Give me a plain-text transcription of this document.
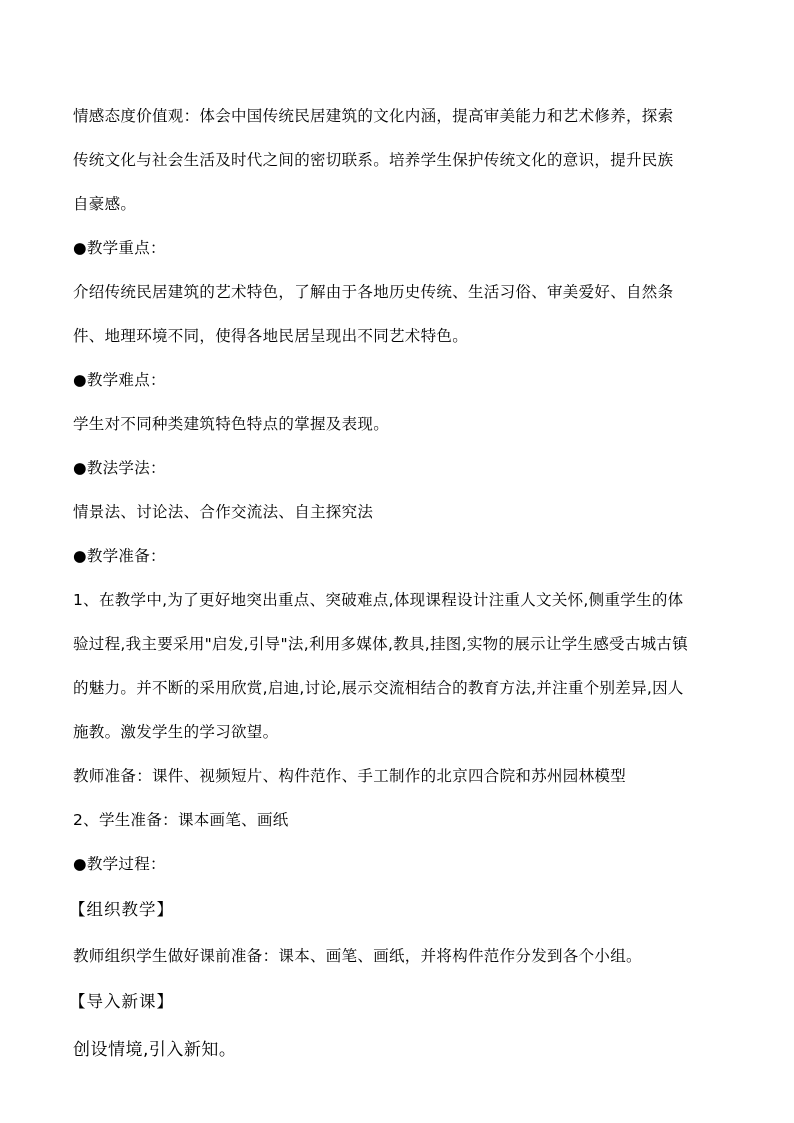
情感态度价值观：体会中国传统民居建筑的文化内涵，提高审美能力和艺术修养，探索
传统文化与社会生活及时代之间的密切联系。培养学生保护传统文化的意识，提升民族
自豪感。
●教学重点：
介绍传统民居建筑的艺术特色，了解由于各地历史传统、生活习俗、审美爱好、自然条
件、地理环境不同，使得各地民居呈现出不同艺术特色。
●教学难点：
学生对不同种类建筑特色特点的掌握及表现。
●教法学法：
情景法、讨论法、合作交流法、自主探究法
●教学准备：
1、在教学中,为了更好地突出重点、突破难点,体现课程设计注重人文关怀,侧重学生的体
验过程,我主要采用"启发,引导"法,利用多媒体,教具,挂图,实物的展示让学生感受古城古镇
的魅力。并不断的采用欣赏,启迪,讨论,展示交流相结合的教育方法,并注重个别差异,因人
施教。激发学生的学习欲望。
教师准备：课件、视频短片、构件范作、手工制作的北京四合院和苏州园林模型
2、学生准备：课本画笔、画纸
●教学过程：
【组织教学】
教师组织学生做好课前准备：课本、画笔、画纸，并将构件范作分发到各个小组。
【导入新课】
创设情境,引入新知。
